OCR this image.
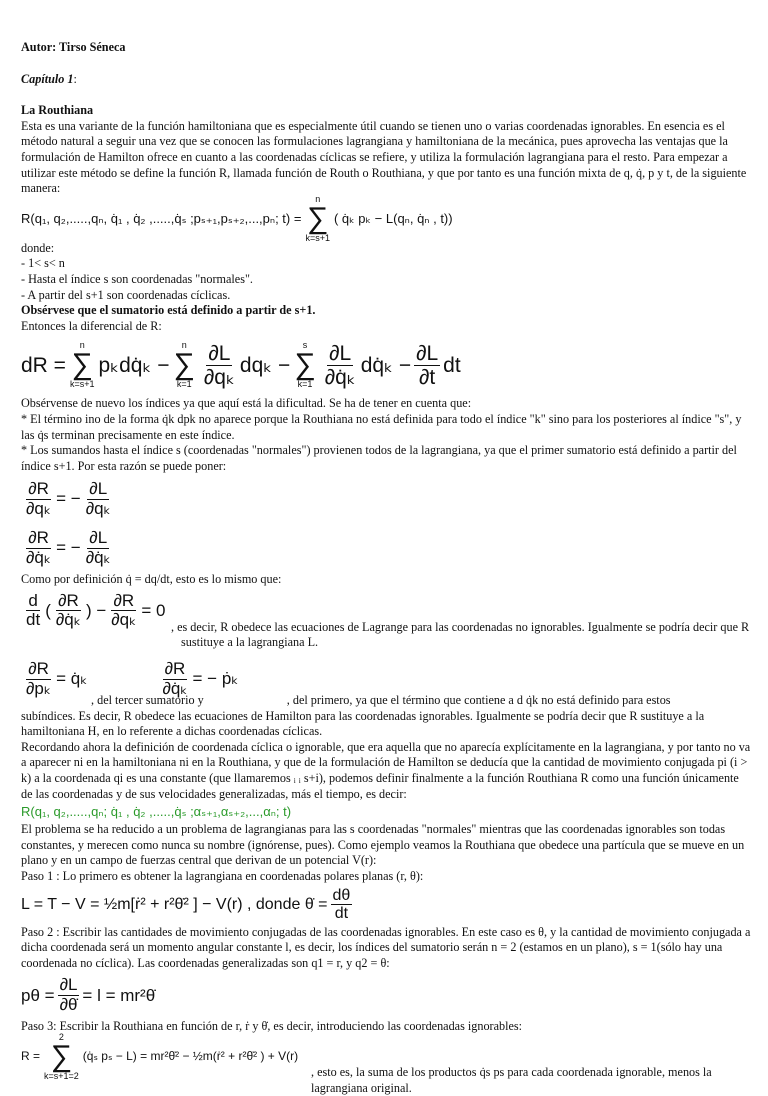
Autor: Tirso Séneca

Capítulo 1:

La Routhiana

Esta es una variante de la función hamiltoniana que es especialmente útil cuando se tienen uno o varias coordenadas ignorables. En esencia es el método natural a seguir una vez que se conocen las formulaciones lagrangiana y hamiltoniana de la mecánica, pues aprovecha las ventajas que la formulación de Hamilton ofrece en cuanto a las coordenadas cíclicas se refiere, y utiliza la formulación lagrangiana para el resto. Para empezar a utilizar este método se define la función R, llamada función de Routh o Routhiana, y que por tanto es una función mixta de q, q̇, p y t, de la siguiente manera:

R(q₁, q₂,.....,qₙ, q̇₁ , q̇₂ ,.....,q̇ₛ ;pₛ₊₁,pₛ₊₂,...,pₙ; t) =
n
∑
k=s+1
( q̇ₖ pₖ − L(qₙ, q̇ₙ , t))

donde:

- 1< s< n

- Hasta el índice s son coordenadas "normales".

- A partir del s+1 son coordenadas cíclicas.

Obsérvese que el sumatorio está definido a partir de s+1.

Entonces la diferencial de R:

dR =
n
∑
k=s+1
pₖdq̇ₖ −
n
∑
$k=1 \frac{\partial L}{\text{∂qₖ}}$ dqₖ −
s
∑
$k=1 \frac{\partial L}{\text{∂q̇ₖ}}$ dq̇ₖ − $\frac{\partial L}{\partial t}$ dt

Obsérvense de nuevo los índices ya que aquí está la dificultad. Se ha de tener en cuenta que:

* El término ino de la forma q̇k dpk no aparece porque la Routhiana no está definida para todo el índice "k" sino para los posteriores al índice "s", y las q̇s terminan precisamente en este índice.

* Los sumandos hasta el índice s (coordenadas "normales") provienen todos de la lagrangiana, ya que el primer sumatorio está definido a partir del índice s+1. Por esta razón se puede poner:

$\frac{\partial R}{\text{∂qₖ}}$ = − $\frac{\partial L}{\text{∂qₖ}}$
$\frac{\partial R}{\text{∂q̇ₖ}}$ = − $\frac{\partial L}{\text{∂q̇ₖ}}$

Como por definición q̇ = dq/dt, esto es lo mismo que:

$\frac{d}{dt}$ ( $\frac{\partial R}{\text{∂q̇ₖ}}$ ) − $\frac{\partial R}{\text{∂qₖ}} = 0$

, es decir, R obedece las ecuaciones de Lagrange para las coordenadas no ignorables. Igualmente se podría decir que R sustituye a la lagrangiana L.

$\frac{\partial R}{\text{∂pₖ}}$ = q̇ₖ	$\frac{\partial R}{\text{∂q̇ₖ}}$ = − ṗₖ

, del tercer sumatorio y	, del primero, ya que el término que contiene a d q̇k no está definido para estos

subíndices. Es decir, R obedece las ecuaciones de Hamilton para las coordenadas ignorables. Igualmente se podría decir que R sustituye a la hamiltoniana H, en lo referente a dichas coordenadas cíclicas.

Recordando ahora la definición de coordenada cíclica o ignorable, que era aquella que no aparecía explícitamente en la lagrangiana, y por tanto no va a aparecer ni en la hamiltoniana ni en la Routhiana, y que de la formulación de Hamilton se deducía que la cantidad de movimiento conjugada pi (i > k) a la coordenada qi es una constante (que llamaremos ᵢ ᵢ s+i), podemos definir finalmente a la función Routhiana R como una función únicamente de las coordenadas y de sus velocidades generalizadas, más el tiempo, es decir:

R(q₁, q₂,.....,qₙ; q̇₁ , q̇₂ ,.....,q̇ₛ ;αₛ₊₁,αₛ₊₂,...,αₙ; t)

El problema se ha reducido a un problema de lagrangianas para las s coordenadas "normales" mientras que las coordenadas ignorables son todas constantes, y merecen como nunca su nombre (ignórense, pues). Como ejemplo veamos la Routhiana que obedece una partícula que se mueve en un plano y en un campo de fuerzas central que derivan de un potencial V(r):

Paso 1 : Lo primero es obtener la lagrangiana en coordenadas polares planas (r, θ):

L = T − V = ½m[ṙ² + r²θ̇² ] − V(r) , donde θ̇ = $\frac{d\theta}{dt}$

Paso 2 : Escribir las cantidades de movimiento conjugadas de las coordenadas ignorables. En este caso es θ, y la cantidad de movimiento conjugada a dicha coordenada será un momento angular constante l, es decir, los índices del sumatorio serán n = 2 (estamos en un plano), s = 1(sólo hay una coordenada no cíclica). Las coordenadas generalizadas son q1 = r, y q2 = θ:

$p\theta = \frac{\partial L}{\partial\thetȧ} = l$ = mr²θ̇

Paso 3: Escribir la Routhiana en función de r, ṙ y θ̇, es decir, introduciendo las coordenadas ignorables:

R =
2
∑
k=s+1=2
(q̇ₛ pₛ − L) = mr²θ̇² − ½m(ṙ² + r²θ̇² ) + V(r)

, esto es, la suma de los productos q̇s ps para cada coordenada ignorable, menos la lagrangiana original.
